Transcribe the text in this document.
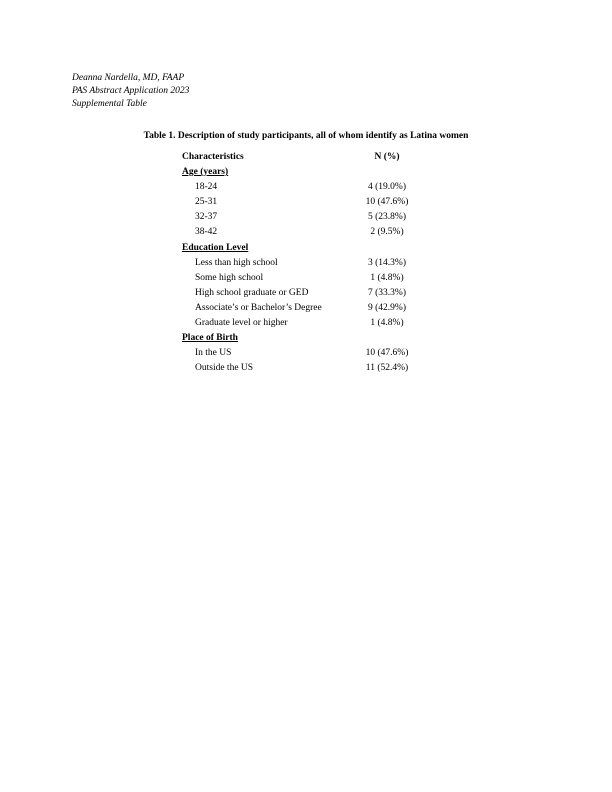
Deanna Nardella, MD, FAAP
PAS Abstract Application 2023
Supplemental Table
Table 1. Description of study participants, all of whom identify as Latina women
Characteristics	N (%)
Age (years)
18-24	4 (19.0%)
25-31	10 (47.6%)
32-37	5 (23.8%)
38-42	2 (9.5%)
Education Level
Less than high school	3 (14.3%)
Some high school	1 (4.8%)
High school graduate or GED	7 (33.3%)
Associate’s or Bachelor’s Degree	9 (42.9%)
Graduate level or higher	1 (4.8%)
Place of Birth
In the US	10 (47.6%)
Outside the US	11 (52.4%)
